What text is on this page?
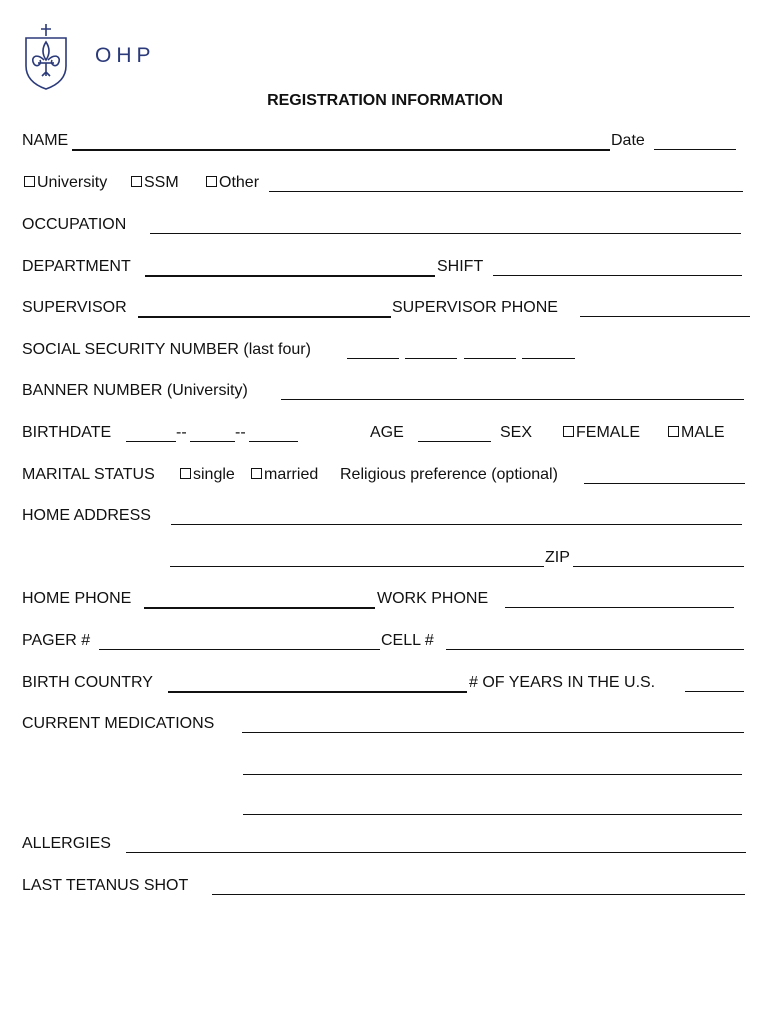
OHP
REGISTRATION INFORMATION
NAME	Date
University SSM	Other
OCCUPATION
DEPARTMENT	SHIFT
SUPERVISOR	SUPERVISOR PHONE
SOCIAL SECURITY NUMBER (last four)
BANNER NUMBER (University)
BIRTHDATE	--	--	AGE	SEX	FEMALE	MALE
MARITAL STATUS single married Religious preference (optional)
HOME ADDRESS
ZIP
HOME PHONE	WORK PHONE
PAGER #	CELL #
BIRTH COUNTRY	# OF YEARS IN THE U.S.
CURRENT MEDICATIONS
ALLERGIES
LAST TETANUS SHOT
